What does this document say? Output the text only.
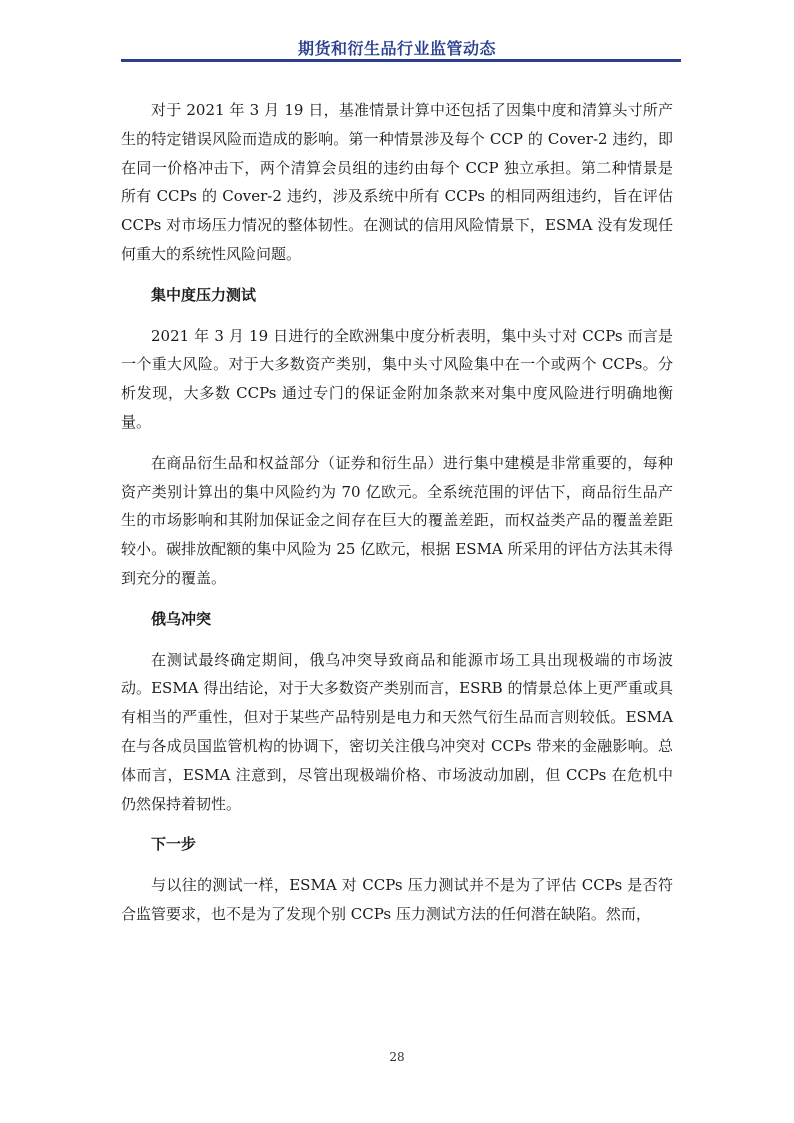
期货和衍生品行业监管动态

对于 2021 年 3 月 19 日，基准情景计算中还包括了因集中度和清算头寸所产生的特定错误风险而造成的影响。第一种情景涉及每个 CCP 的 Cover-2 违约，即在同一价格冲击下，两个清算会员组的违约由每个 CCP 独立承担。第二种情景是所有 CCPs 的 Cover-2 违约，涉及系统中所有 CCPs 的相同两组违约，旨在评估 CCPs 对市场压力情况的整体韧性。在测试的信用风险情景下，ESMA 没有发现任何重大的系统性风险问题。

集中度压力测试

2021 年 3 月 19 日进行的全欧洲集中度分析表明，集中头寸对 CCPs 而言是一个重大风险。对于大多数资产类别，集中头寸风险集中在一个或两个 CCPs。分析发现，大多数 CCPs 通过专门的保证金附加条款来对集中度风险进行明确地衡量。

在商品衍生品和权益部分（证券和衍生品）进行集中建模是非常重要的，每种资产类别计算出的集中风险约为 70 亿欧元。全系统范围的评估下，商品衍生品产生的市场影响和其附加保证金之间存在巨大的覆盖差距，而权益类产品的覆盖差距较小。碳排放配额的集中风险为 25 亿欧元，根据 ESMA 所采用的评估方法其未得到充分的覆盖。

俄乌冲突

在测试最终确定期间，俄乌冲突导致商品和能源市场工具出现极端的市场波动。ESMA 得出结论，对于大多数资产类别而言，ESRB 的情景总体上更严重或具有相当的严重性，但对于某些产品特别是电力和天然气衍生品而言则较低。ESMA 在与各成员国监管机构的协调下，密切关注俄乌冲突对 CCPs 带来的金融影响。总体而言，ESMA 注意到，尽管出现极端价格、市场波动加剧，但 CCPs 在危机中仍然保持着韧性。

下一步

与以往的测试一样，ESMA 对 CCPs 压力测试并不是为了评估 CCPs 是否符合监管要求，也不是为了发现个别 CCPs 压力测试方法的任何潜在缺陷。然而，

28
